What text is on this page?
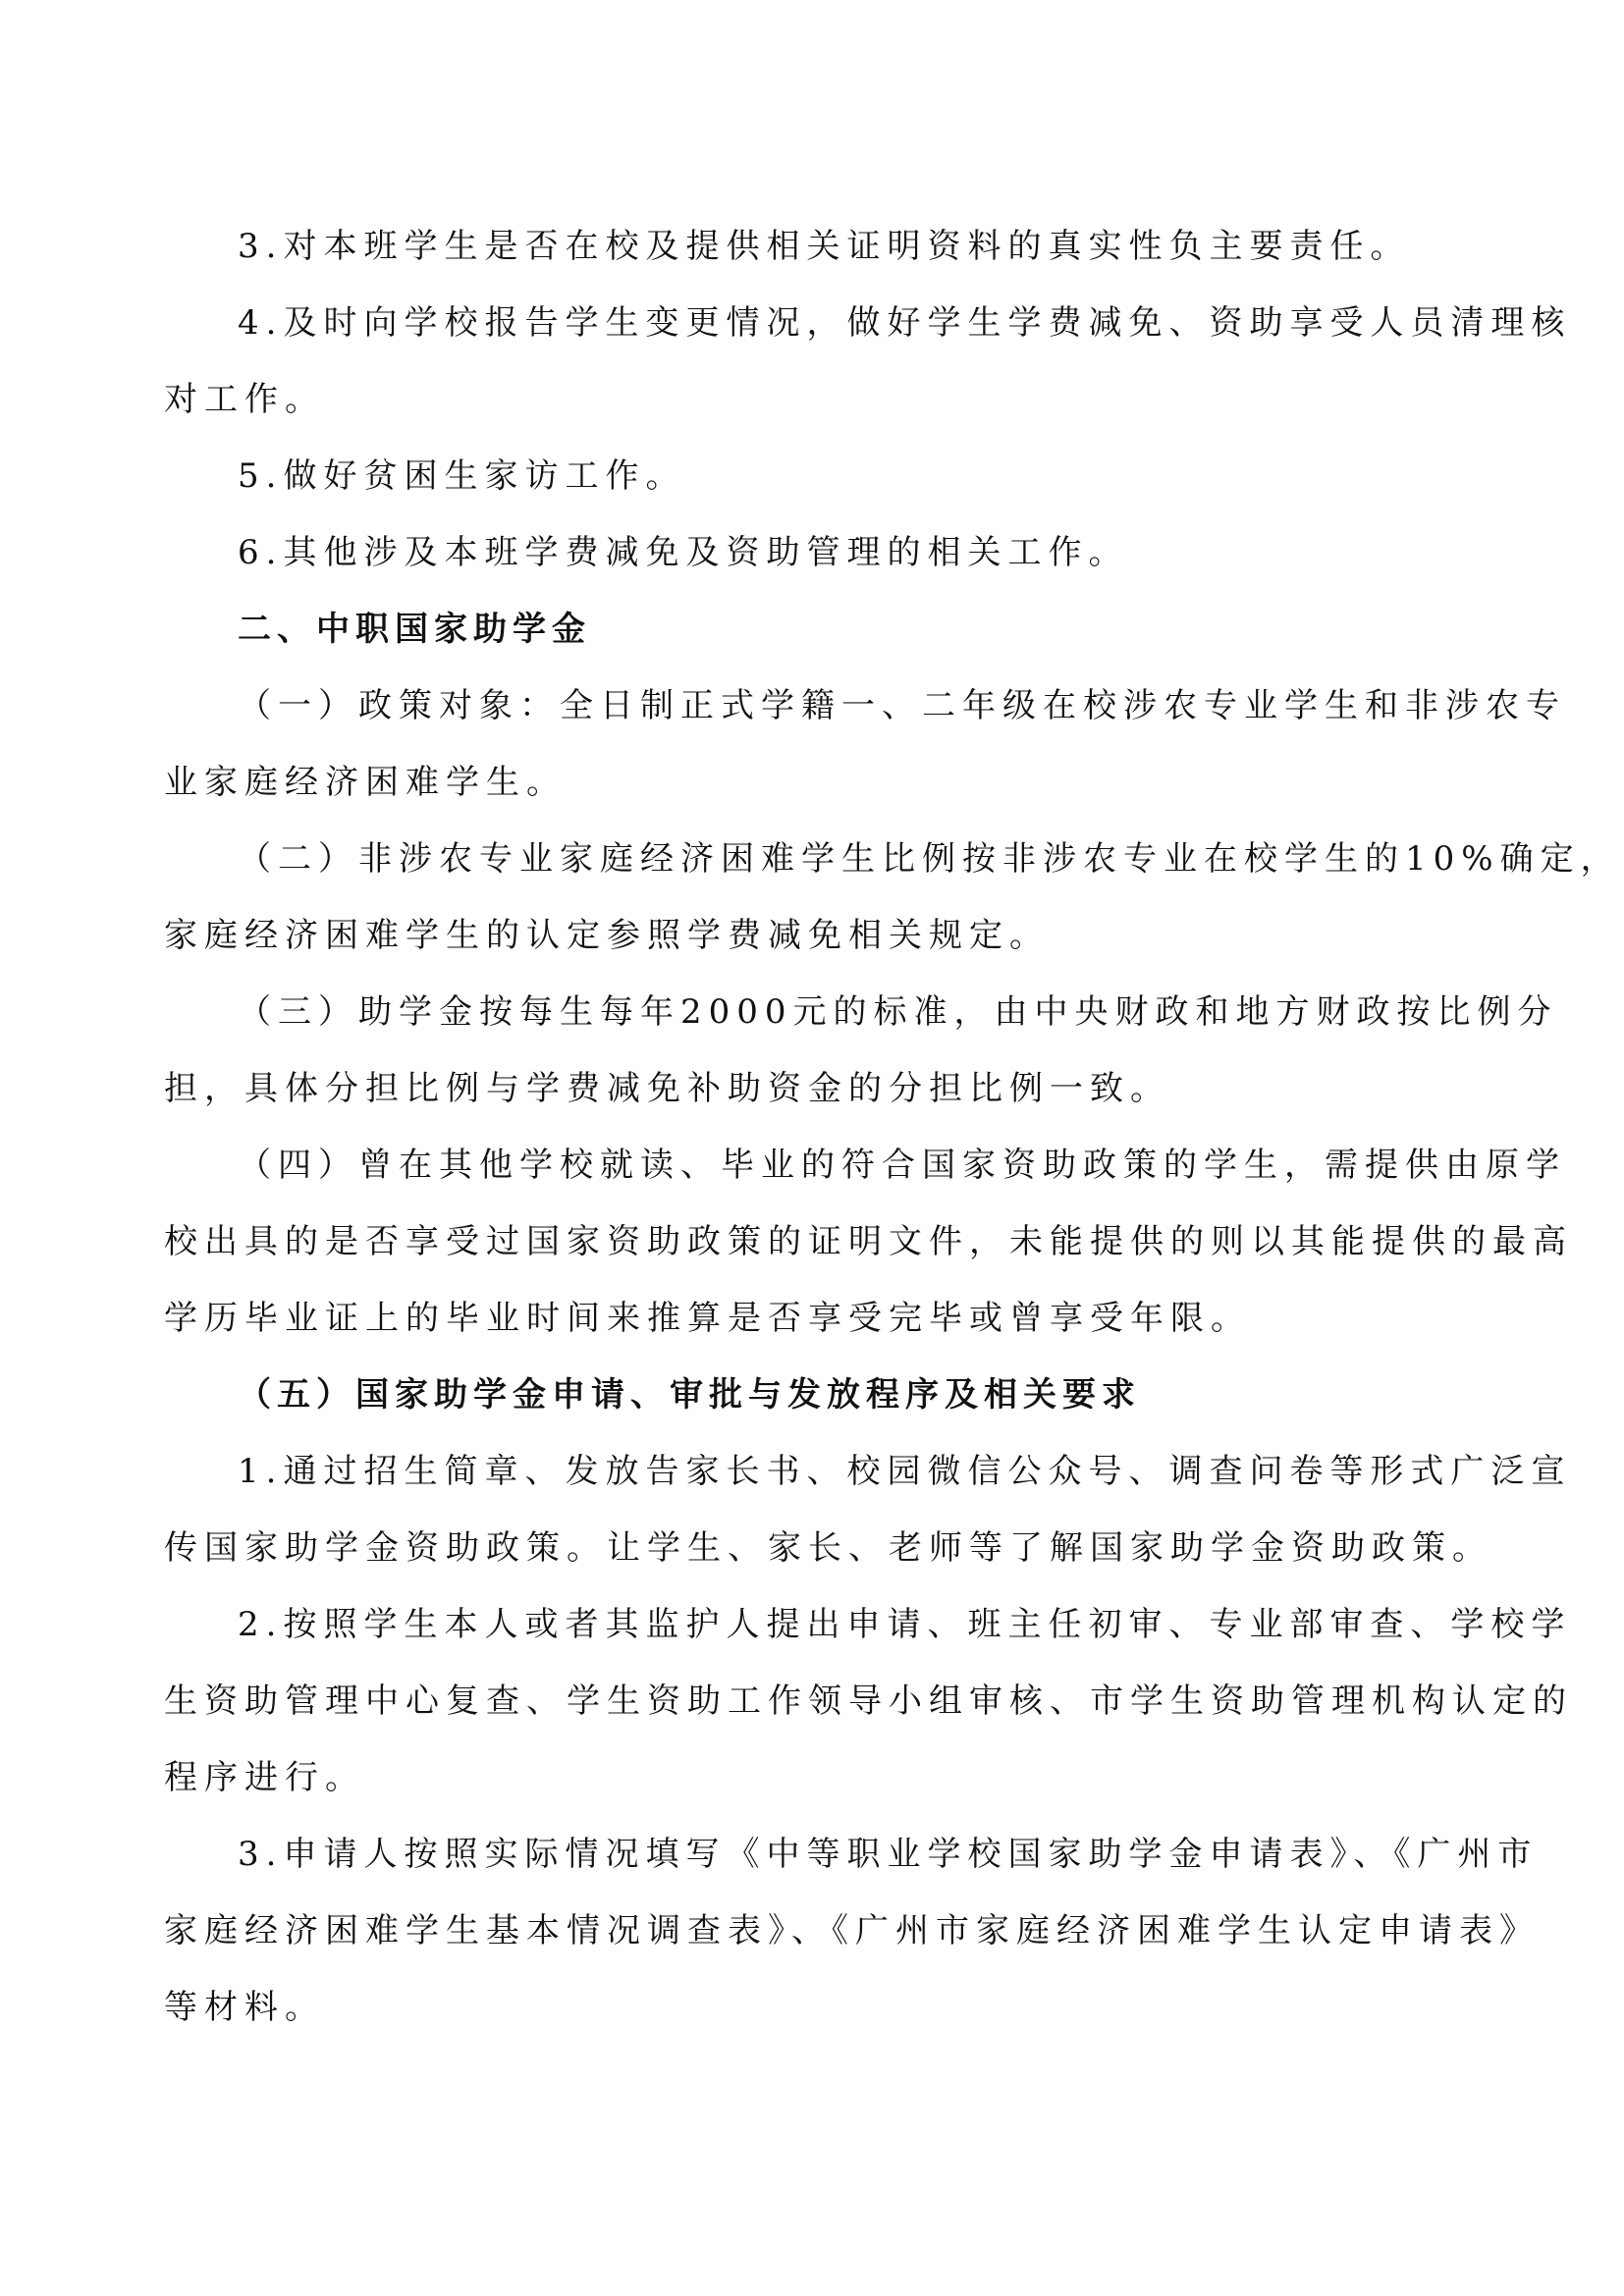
3.对本班学生是否在校及提供相关证明资料的真实性负主要责任。

4.及时向学校报告学生变更情况，做好学生学费减免、资助享受人员清理核

对工作。

5.做好贫困生家访工作。

6.其他涉及本班学费减免及资助管理的相关工作。

二、中职国家助学金

（一）政策对象：全日制正式学籍一、二年级在校涉农专业学生和非涉农专

业家庭经济困难学生。

（二）非涉农专业家庭经济困难学生比例按非涉农专业在校学生的10%确定，

家庭经济困难学生的认定参照学费减免相关规定。

（三）助学金按每生每年2000元的标准，由中央财政和地方财政按比例分

担，具体分担比例与学费减免补助资金的分担比例一致。

（四）曾在其他学校就读、毕业的符合国家资助政策的学生，需提供由原学

校出具的是否享受过国家资助政策的证明文件，未能提供的则以其能提供的最高

学历毕业证上的毕业时间来推算是否享受完毕或曾享受年限。

（五）国家助学金申请、审批与发放程序及相关要求

1.通过招生简章、发放告家长书、校园微信公众号、调查问卷等形式广泛宣

传国家助学金资助政策。让学生、家长、老师等了解国家助学金资助政策。

2.按照学生本人或者其监护人提出申请、班主任初审、专业部审查、学校学

生资助管理中心复查、学生资助工作领导小组审核、市学生资助管理机构认定的

程序进行。

3.申请人按照实际情况填写《中等职业学校国家助学金申请表》、《广州市

家庭经济困难学生基本情况调查表》、《广州市家庭经济困难学生认定申请表》

等材料。
